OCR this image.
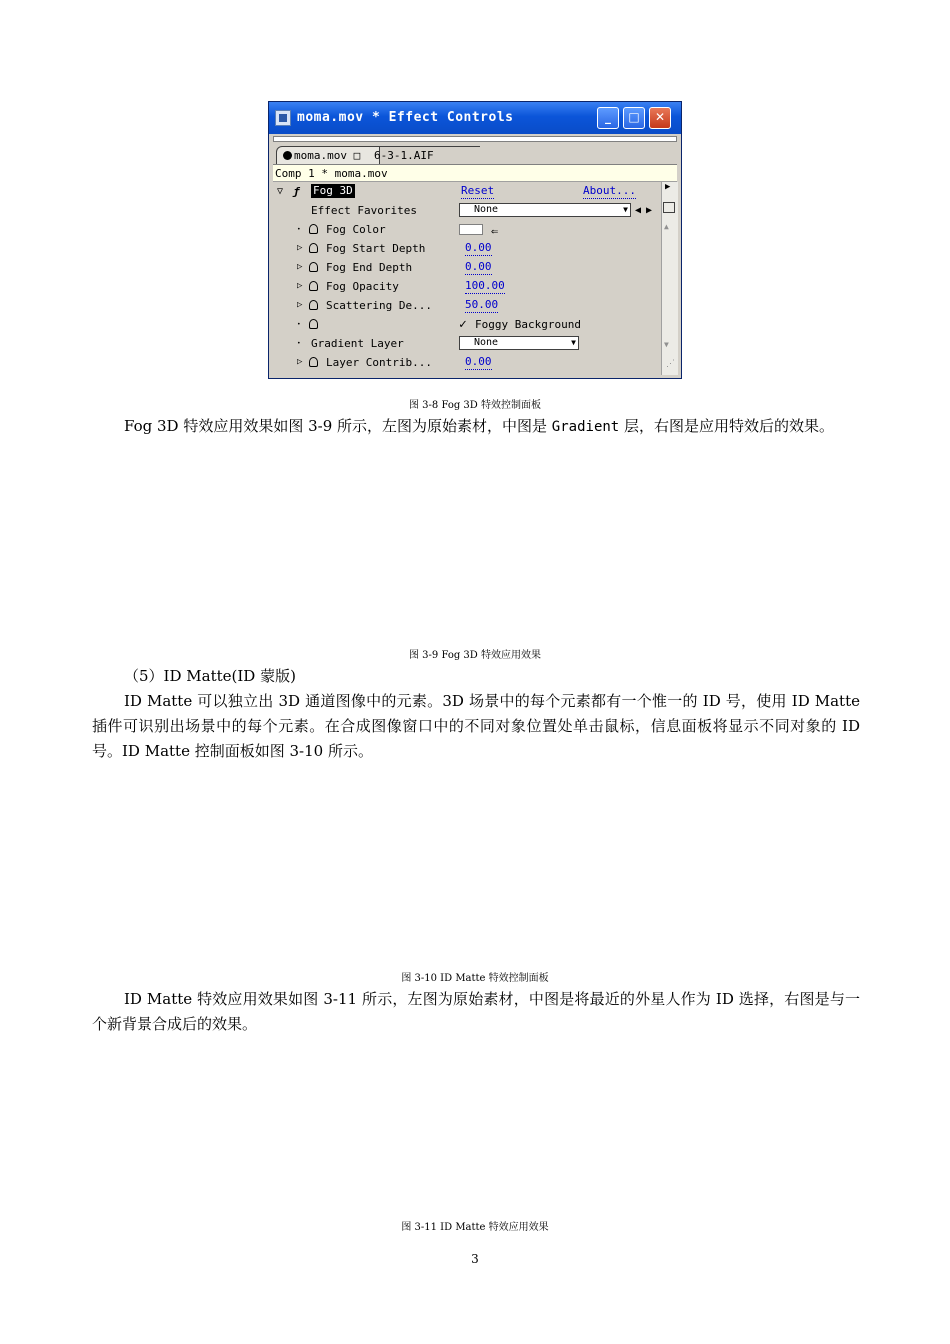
moma.mov * Effect Controls	_	□	✕
moma.mov □	6-3-1.AIF
Comp 1 * moma.mov
▽ ƒ Fog 3D	Reset	About...
Effect Favorites	None	▼ ◀ ▶
• Fog Color	⇐
▷ Fog Start Depth	0.00
▷ Fog End Depth	0.00
▷ Fog Opacity	100.00
▷ Scattering De...	50.00
•	✓ Foggy Background
• Gradient Layer	None	▼
▷ Layer Contrib...	0.00
▶
▲
▼
⋰
图 3-8 Fog 3D 特效控制面板
Fog 3D 特效应用效果如图 3-9 所示，左图为原始素材，中图是 Gradient 层，右图是应用特效后的效果。
图 3-9 Fog 3D 特效应用效果
（5）ID Matte(ID 蒙版)
ID Matte 可以独立出 3D 通道图像中的元素。3D 场景中的每个元素都有一个惟一的 ID 号，使用 ID Matte 插件可识别出场景中的每个元素。在合成图像窗口中的不同对象位置处单击鼠标，信息面板将显示不同对象的 ID 号。ID Matte 控制面板如图 3-10 所示。
图 3-10 ID Matte 特效控制面板
ID Matte 特效应用效果如图 3-11 所示，左图为原始素材，中图是将最近的外星人作为 ID 选择，右图是与一个新背景合成后的效果。
图 3-11 ID Matte 特效应用效果
3
